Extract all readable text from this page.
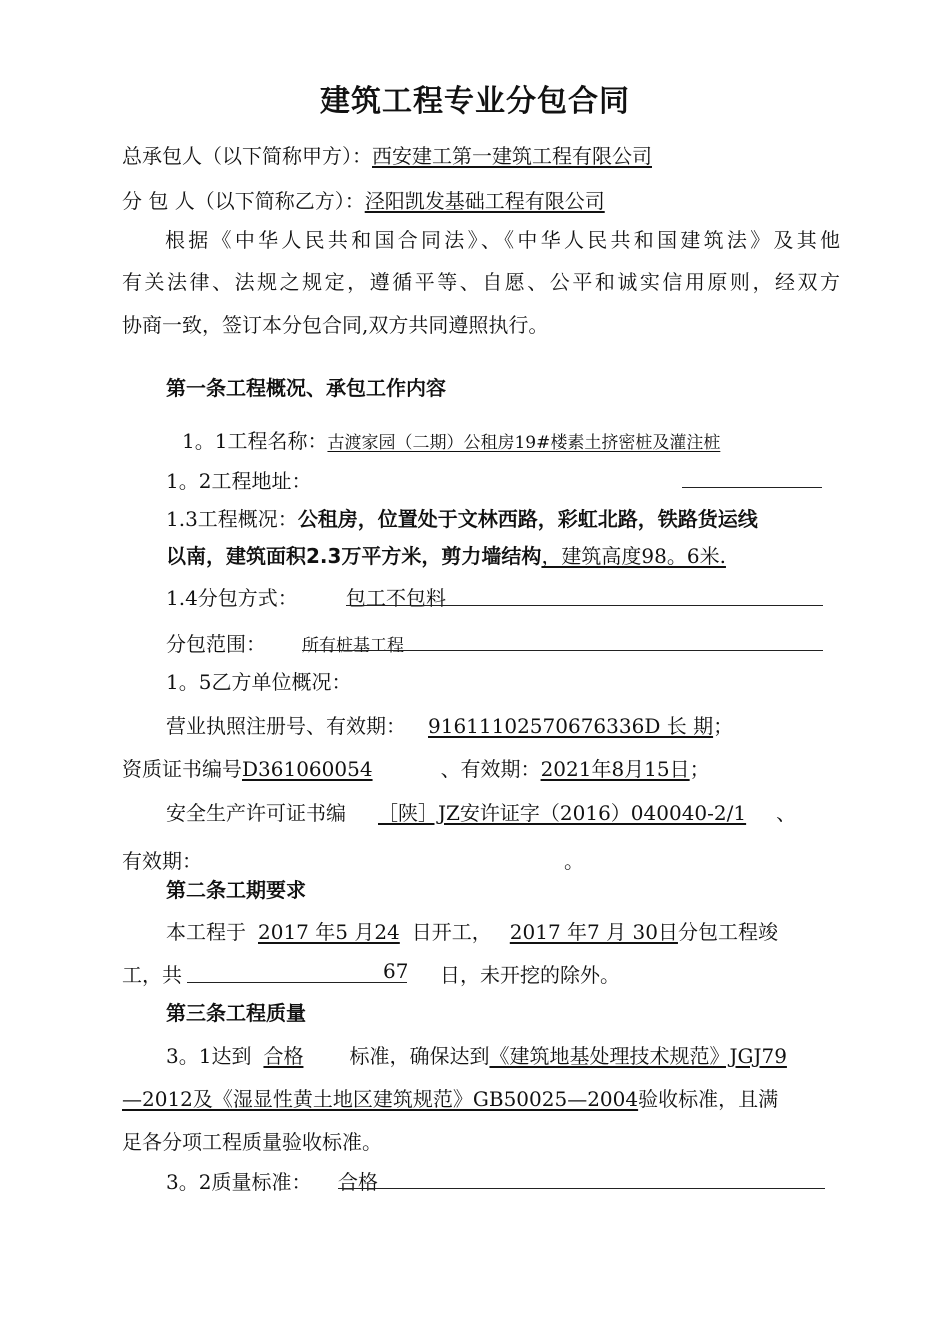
建筑工程专业分包合同
总承包人（以下简称甲方）：西安建工第一建筑工程有限公司
分 包 人（以下简称乙方）：泾阳凯发基础工程有限公司
根据《中华人民共和国合同法》、《中华人民共和国建筑法》及其他
有关法律、法规之规定，遵循平等、自愿、公平和诚实信用原则，经双方
协商一致，签订本分包合同,双方共同遵照执行。
第一条工程概况、承包工作内容
1。1工程名称：古渡家园（二期）公租房19#楼素土挤密桩及灌注桩
1。2工程地址：
1.3工程概况：公租房，位置处于文林西路，彩虹北路，铁路货运线
以南，建筑面积2.3万平方米，剪力墙结构，建筑高度98。6米.
1.4分包方式： 包工不包料
分包范围： 所有桩基工程
1。5乙方单位概况：
营业执照注册号、有效期： 91611102570676336D 长 期；
资质证书编号D361060054	、有效期：2021年8月15日；
安全生产许可证书编 ［陕］JZ安许证字（2016）040040-2/1 、
有效期：	。
第二条工期要求
本工程于 2017 年5 月24 日开工， 2017 年7 月 30日分包工程竣
工，共	67 日，未开挖的除外。
第三条工程质量
3。1达到 合格 标准，确保达到《建筑地基处理技术规范》JGJ79
—2012及《湿显性黄土地区建筑规范》GB50025—2004验收标准，且满
足各分项工程质量验收标准。
3。2质量标准： 合格
